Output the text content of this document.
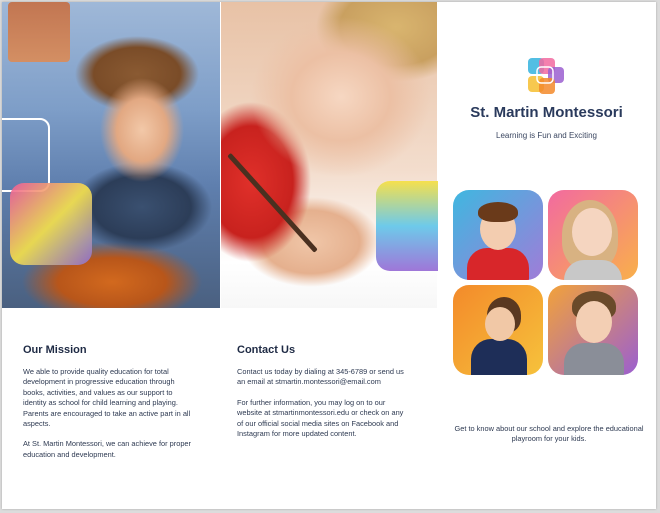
St. Martin Montessori

Learning is Fun and Exciting

Our Mission

We able to provide quality education for total development in progressive education through books, activities, and values as our support to identity as school for child learning and playing. Parents are encouraged to take an active part in all aspects.

At St. Martin Montessori, we can achieve for proper education and development.

Contact Us

Contact us today by dialing at 345-6789 or send us an email at stmartin.montessori@email.com

For further information, you may log on to our website at stmartinmontessori.edu or check on any of our official social media sites on Facebook and Instagram for more updated content.

Get to know about our school and explore the educational playroom for your kids.
